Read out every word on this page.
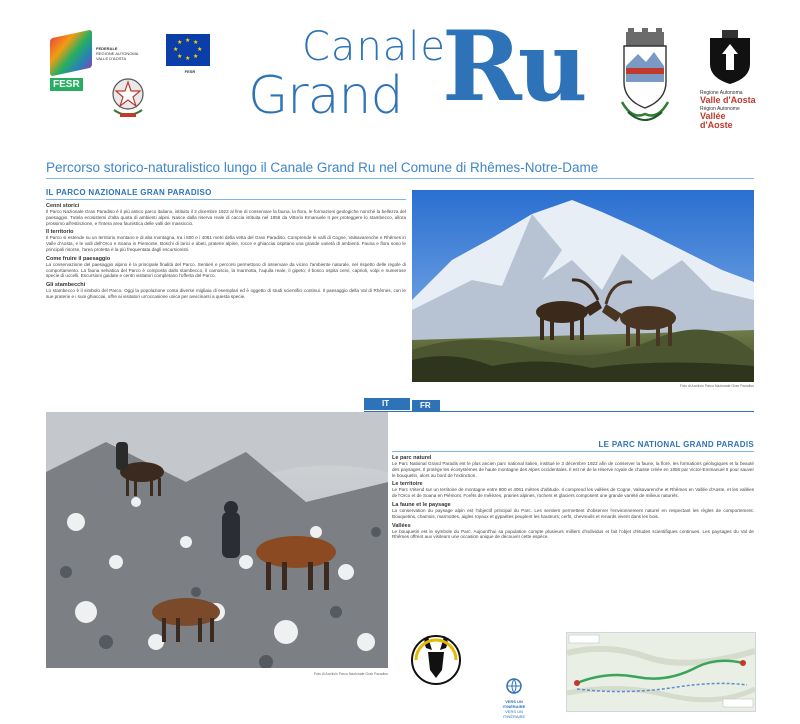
FESR
FEDERALE
REGIONE AUTONOMA
VALLE D'AOSTA
★ ★
★
★
★
★
★
★
FESR
Canale
Grand Ru	Regione Autonoma
Valle d'Aosta
Région Autonome
Vallée d'Aoste
Percorso storico-naturalistico lungo il Canale Grand Ru nel Comune di Rhêmes-Notre-Dame
IL PARCO NAZIONALE GRAN PARADISO
Cenni storici
Il Parco Nazionale Gran Paradiso è il più antico parco italiano, istituito il 3 dicembre 1922 al fine di conservare la fauna, la flora, le formazioni geologiche nonché la bellezza del paesaggio. Tutela ecosistemi d'alta quota di ambienti alpini. Nasce dalla riserva reale di caccia istituita nel 1856 da Vittorio Emanuele II per proteggere lo stambecco, allora prossimo all'estinzione, e l'intera area faunistica delle valli del massiccio.
Il territorio
Il Parco si estende su un territorio montano e di alta montagna, tra i 800 e i 4061 metri della vetta del Gran Paradiso. Comprende le valli di Cogne, Valsavarenche e Rhêmes in Valle d'Aosta, e le valli dell'Orco e Soana in Piemonte. Boschi di larici e abeti, praterie alpine, rocce e ghiacciai ospitano una grande varietà di ambienti. Fauna e flora sono le principali risorse, l'area protetta è la più frequentata dagli escursionisti.
Come fruire il paesaggio
La conservazione del paesaggio alpino è la principale finalità del Parco. Sentieri e percorsi permettono di osservare da vicino l'ambiente naturale, nel rispetto delle regole di comportamento. La fauna selvatica del Parco è composta dallo stambecco, il camoscio, la marmotta, l'aquila reale, il gipeto; il bosco ospita cervi, caprioli, volpi e numerose specie di uccelli. Escursioni guidate e centri visitatori completano l'offerta del Parco.
Gli stambecchi
Lo stambecco è il simbolo del Parco. Oggi la popolazione conta diverse migliaia di esemplari ed è oggetto di studi scientifici continui. Il paesaggio della Val di Rhêmes, con le sue praterie e i suoi ghiacciai, offre ai visitatori un'occasione unica per avvicinarsi a questa specie.
Foto di Archivio Parco Nazionale Gran Paradiso
IT	FR
Foto di Archivio Parco Nazionale Gran Paradiso
LE PARC NATIONAL GRAND PARADIS
Le parc naturel
Le Parc National Grand Paradis est le plus ancien parc national italien, institué le 3 décembre 1922 afin de conserver la faune, la flore, les formations géologiques et la beauté des paysages. Il protège les écosystèmes de haute montagne des Alpes occidentales. Il est né de la réserve royale de chasse créée en 1856 par Victor-Emmanuel II pour sauver le bouquetin, alors au bord de l'extinction.
Le territoire
Le Parc s'étend sur un territoire de montagne entre 800 et 4061 mètres d'altitude. Il comprend les vallées de Cogne, Valsavarenche et Rhêmes en Vallée d'Aoste, et les vallées de l'Orco et de Soana en Piémont. Forêts de mélèzes, prairies alpines, rochers et glaciers composent une grande variété de milieux naturels.
La faune et le paysage
La conservation du paysage alpin est l'objectif principal du Parc. Les sentiers permettent d'observer l'environnement naturel en respectant les règles de comportement. Bouquetins, chamois, marmottes, aigles royaux et gypaètes peuplent les hauteurs; cerfs, chevreuils et renards vivent dans les bois.
Vallées
Le bouquetin est le symbole du Parc. Aujourd'hui sa population compte plusieurs milliers d'individus et fait l'objet d'études scientifiques continues. Les paysages du Val de Rhêmes offrent aux visiteurs une occasion unique de découvrir cette espèce.
VERS UN ITINÉRAIRE
VERS UN ITINÉRAIRE
